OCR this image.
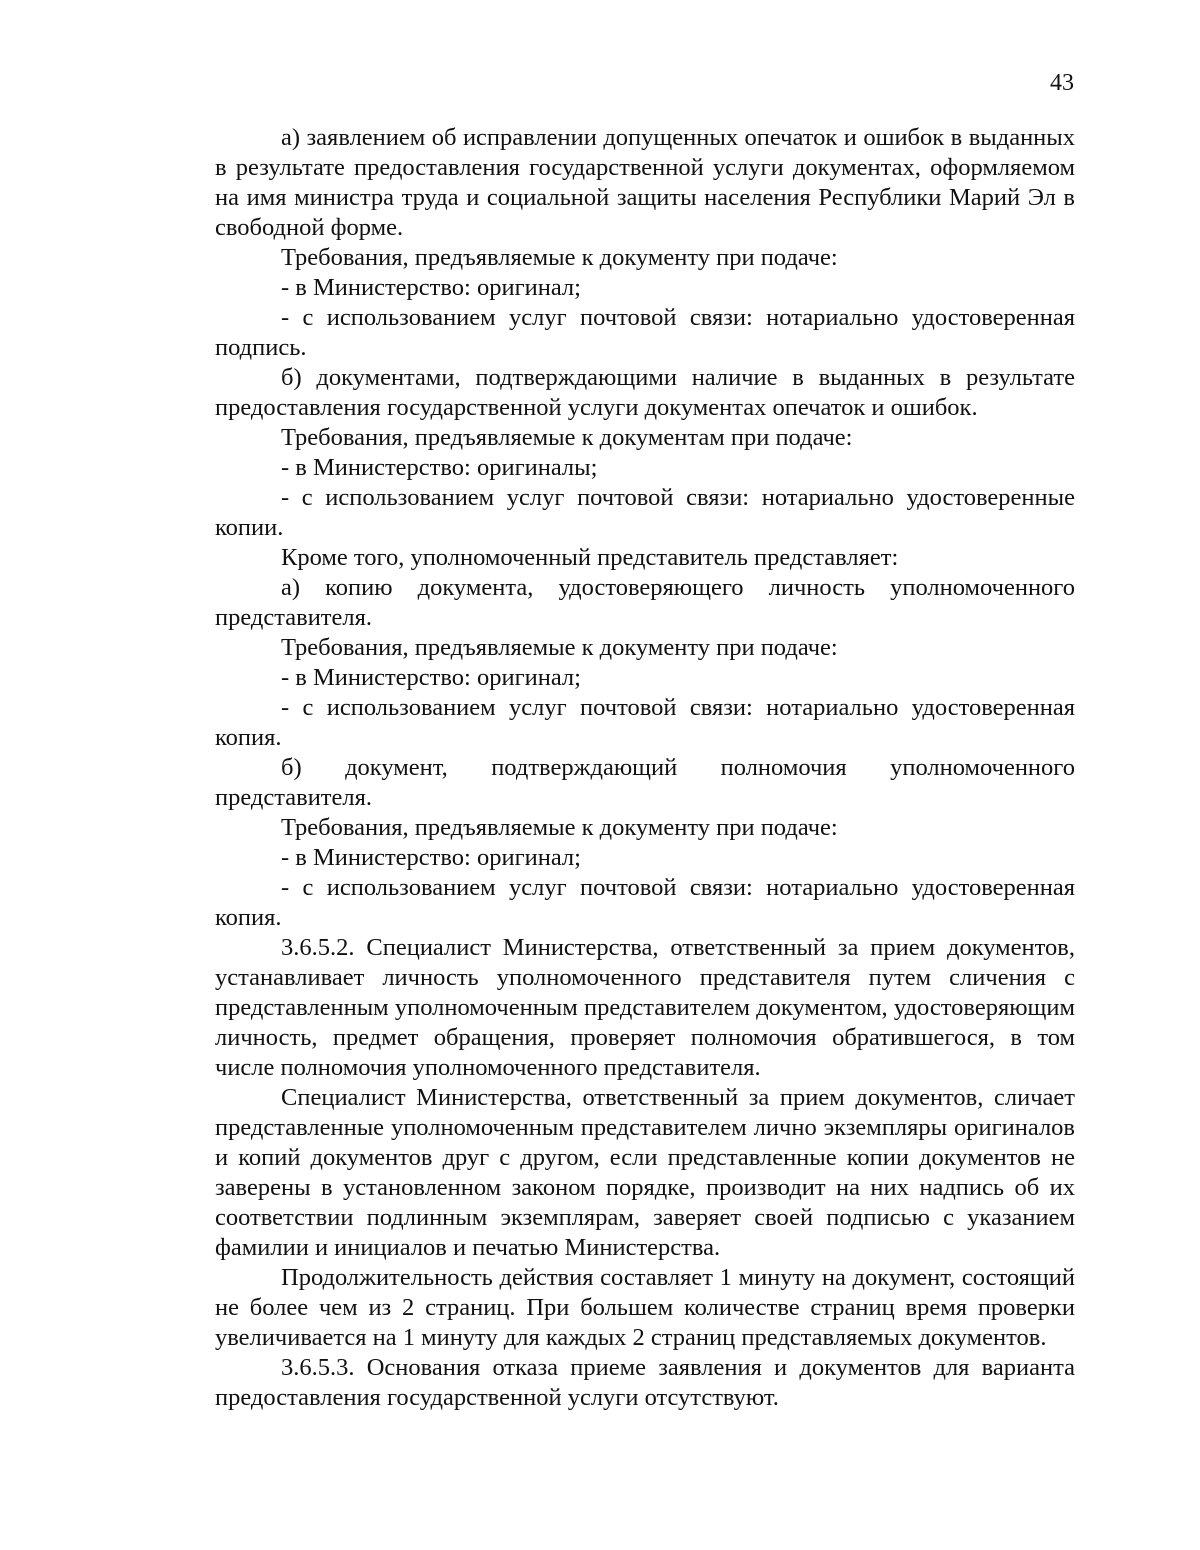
43

а) заявлением об исправлении допущенных опечаток и ошибок в выданных в результате предоставления государственной услуги документах, оформляемом на имя министра труда и социальной защиты населения Республики Марий Эл в свободной форме.

Требования, предъявляемые к документу при подаче:

- в Министерство: оригинал;

- с использованием услуг почтовой связи: нотариально удостоверенная подпись.

б) документами, подтверждающими наличие в выданных в результате предоставления государственной услуги документах опечаток и ошибок.

Требования, предъявляемые к документам при подаче:

- в Министерство: оригиналы;

- с использованием услуг почтовой связи: нотариально удостоверенные копии.

Кроме того, уполномоченный представитель представляет:

а) копию документа, удостоверяющего личность уполномоченного представителя.

Требования, предъявляемые к документу при подаче:

- в Министерство: оригинал;

- с использованием услуг почтовой связи: нотариально удостоверенная копия.

б) документ, подтверждающий полномочия уполномоченного представителя.

Требования, предъявляемые к документу при подаче:

- в Министерство: оригинал;

- с использованием услуг почтовой связи: нотариально удостоверенная копия.

3.6.5.2. Специалист Министерства, ответственный за прием документов, устанавливает личность уполномоченного представителя путем сличения с представленным уполномоченным представителем документом, удостоверяющим личность, предмет обращения, проверяет полномочия обратившегося, в том числе полномочия уполномоченного представителя.

Специалист Министерства, ответственный за прием документов, сличает представленные уполномоченным представителем лично экземпляры оригиналов и копий документов друг с другом, если представленные копии документов не заверены в установленном законом порядке, производит на них надпись об их соответствии подлинным экземплярам, заверяет своей подписью с указанием фамилии и инициалов и печатью Министерства.

Продолжительность действия составляет 1 минуту на документ, состоящий не более чем из 2 страниц. При большем количестве страниц время проверки увеличивается на 1 минуту для каждых 2 страниц представляемых документов.

3.6.5.3. Основания отказа приеме заявления и документов для варианта предоставления государственной услуги отсутствуют.
